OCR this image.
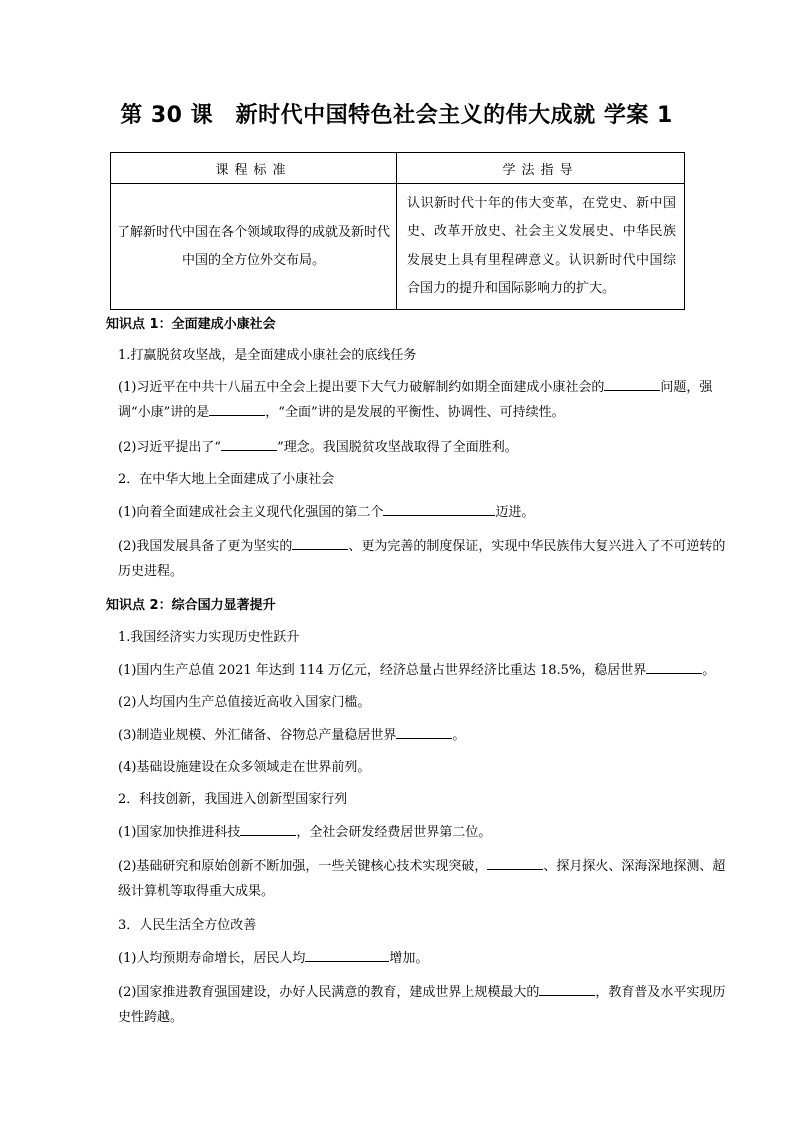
第 30 课　新时代中国特色社会主义的伟大成就 学案 1
课程标准	学法指导
了解新时代中国在各个领域取得的成就及新时代中国的全方位外交布局。	认识新时代十年的伟大变革，在党史、新中国史、改革开放史、社会主义发展史、中华民族发展史上具有里程碑意义。认识新时代中国综合国力的提升和国际影响力的扩大。

知识点 1：全面建成小康社会

1.打赢脱贫攻坚战，是全面建成小康社会的底线任务

(1)习近平在中共十八届五中全会上提出要下大气力破解制约如期全面建成小康社会的	问题，强调“小康”讲的是	，“全面”讲的是发展的平衡性、协调性、可持续性。

(2)习近平提出了“	”理念。我国脱贫攻坚战取得了全面胜利。

2．在中华大地上全面建成了小康社会

(1)向着全面建成社会主义现代化强国的第二个	迈进。

(2)我国发展具备了更为坚实的	、更为完善的制度保证，实现中华民族伟大复兴进入了不可逆转的历史进程。

知识点 2：综合国力显著提升

1.我国经济实力实现历史性跃升

(1)国内生产总值 2021 年达到 114 万亿元，经济总量占世界经济比重达 18.5%，稳居世界	。

(2)人均国内生产总值接近高收入国家门槛。

(3)制造业规模、外汇储备、谷物总产量稳居世界	。

(4)基础设施建设在众多领域走在世界前列。

2．科技创新，我国进入创新型国家行列

(1)国家加快推进科技	，全社会研发经费居世界第二位。

(2)基础研究和原始创新不断加强，一些关键核心技术实现突破，	、探月探火、深海深地探测、超级计算机等取得重大成果。

3．人民生活全方位改善

(1)人均预期寿命增长，居民人均	增加。

(2)国家推进教育强国建设，办好人民满意的教育，建成世界上规模最大的	，教育普及水平实现历史性跨越。
